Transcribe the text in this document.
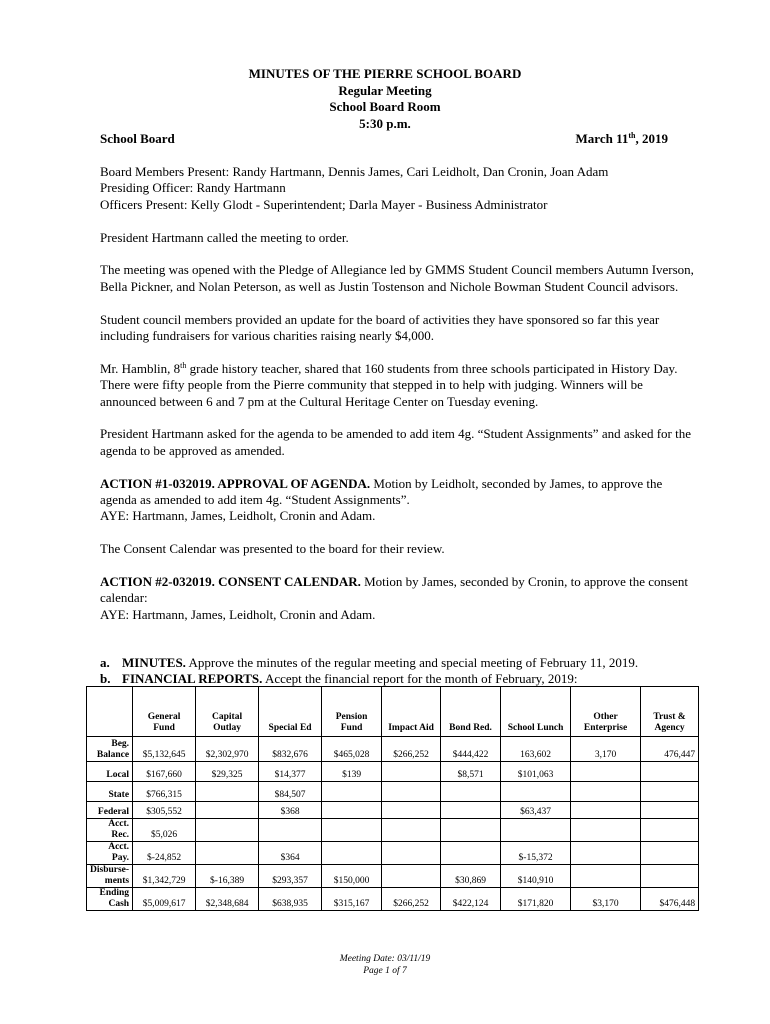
MINUTES OF THE PIERRE SCHOOL BOARD
Regular Meeting
School Board Room
5:30 p.m.
School Board	March 11th, 2019

Board Members Present: Randy Hartmann, Dennis James, Cari Leidholt, Dan Cronin, Joan Adam
Presiding Officer: Randy Hartmann
Officers Present: Kelly Glodt - Superintendent; Darla Mayer - Business Administrator

President Hartmann called the meeting to order.

The meeting was opened with the Pledge of Allegiance led by GMMS Student Council members Autumn Iverson, Bella Pickner, and Nolan Peterson, as well as Justin Tostenson and Nichole Bowman Student Council advisors.

Student council members provided an update for the board of activities they have sponsored so far this year including fundraisers for various charities raising nearly $4,000.

Mr. Hamblin, 8th grade history teacher, shared that 160 students from three schools participated in History Day. There were fifty people from the Pierre community that stepped in to help with judging. Winners will be announced between 6 and 7 pm at the Cultural Heritage Center on Tuesday evening.

President Hartmann asked for the agenda to be amended to add item 4g. “Student Assignments” and asked for the agenda to be approved as amended.

ACTION #1-032019. APPROVAL OF AGENDA. Motion by Leidholt, seconded by James, to approve the agenda as amended to add item 4g. “Student Assignments”.
AYE: Hartmann, James, Leidholt, Cronin and Adam.

The Consent Calendar was presented to the board for their review.

ACTION #2-032019. CONSENT CALENDAR. Motion by James, seconded by Cronin, to approve the consent calendar:
AYE: Hartmann, James, Leidholt, Cronin and Adam.

a. MINUTES. Approve the minutes of the regular meeting and special meeting of February 11, 2019.
b. FINANCIAL REPORTS. Accept the financial report for the month of February, 2019:
	General Fund	Capital Outlay	Special Ed	Pension Fund	Impact Aid	Bond Red.	School Lunch	Other Enterprise	Trust & Agency
Beg. Balance	$5,132,645	$2,302,970	$832,676	$465,028	$266,252	$444,422	163,602	3,170	476,447
Local	$167,660	$29,325	$14,377	$139		$8,571	$101,063		
State	$766,315		$84,507						
Federal	$305,552		$368				$63,437		
Acct. Rec.	$5,026								
Acct. Pay.	$-24,852		$364				$-15,372		
Disburse-ments	$1,342,729	$-16,389	$293,357	$150,000		$30,869	$140,910		
Ending Cash	$5,009,617	$2,348,684	$638,935	$315,167	$266,252	$422,124	$171,820	$3,170	$476,448
Meeting Date: 03/11/19
Page 1 of 7
